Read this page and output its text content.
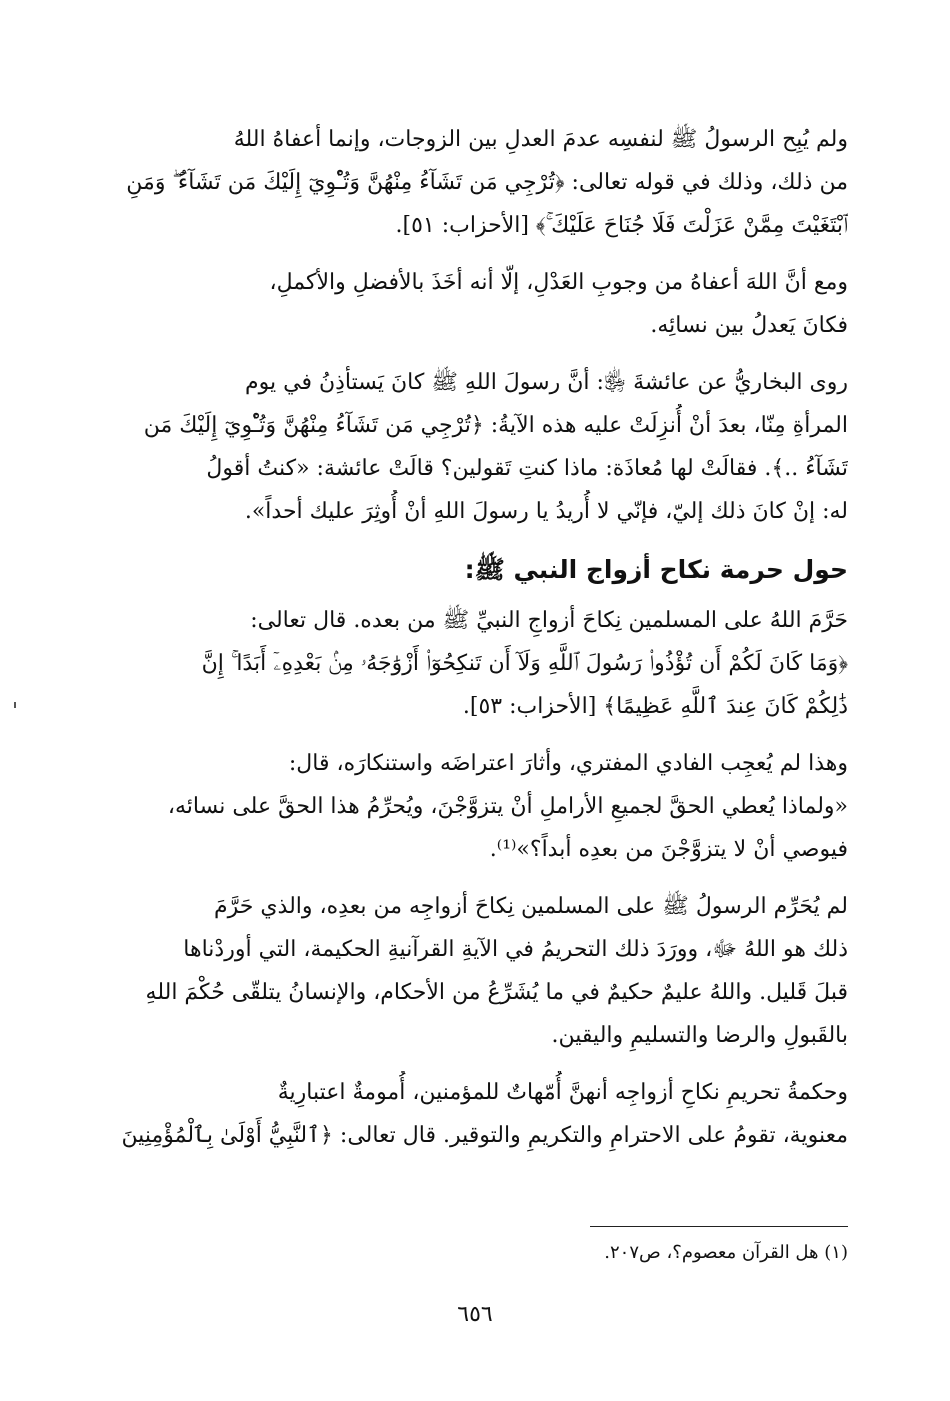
ولم يُبِح الرسولُ ﷺ لنفسِه عدمَ العدلِ بين الزوجات، وإنما أعفاهُ اللهُ
من ذلك، وذلك في قوله تعالى: ﴿تُرْجِي مَن تَشَآءُ مِنْهُنَّ وَتُـْٔوِيٓ إِلَيْكَ مَن تَشَآءُ ۖ وَمَنِ
ٱبْتَغَيْتَ مِمَّنْ عَزَلْتَ فَلَا جُنَاحَ عَلَيْكَ ۚ﴾ [الأحزاب: ٥١].
ومع أنَّ اللهَ أعفاهُ من وجوبِ العَدْلِ، إلّا أنه أخَذَ بالأفضلِ والأكملِ،
فكانَ يَعدلُ بين نسائِه.
روى البخاريُّ عن عائشةَ ﵂: أنَّ رسولَ اللهِ ﷺ كانَ يَستأذِنُ في يوم
المرأةِ مِنّا، بعدَ أنْ أُنزِلَتْ عليه هذه الآيةُ: ﴿تُرْجِي مَن تَشَآءُ مِنْهُنَّ وَتُـْٔوِيٓ إِلَيْكَ مَن
تَشَآءُ ..﴾. فقالَتْ لها مُعاذَة: ماذا كنتِ تَقولين؟ قالَتْ عائشة: «كنتُ أقولُ
له: إنْ كانَ ذلك إليّ، فإنّي لا أُريدُ يا رسولَ اللهِ أنْ أُوثِرَ عليك أحداً».
حول حرمة نكاح أزواج النبي ﷺ:
حَرَّمَ اللهُ على المسلمين نِكاحَ أزواجِ النبيِّ ﷺ من بعده. قال تعالى:
﴿وَمَا كَانَ لَكُمْ أَن تُؤْذُوا۟ رَسُولَ ٱللَّهِ وَلَآ أَن تَنكِحُوٓا۟ أَزْوَٰجَهُۥ مِنۢ بَعْدِهِۦٓ أَبَدًا ۚ إِنَّ
ذَٰلِكُمْ كَانَ عِندَ ٱللَّهِ عَظِيمًا﴾ [الأحزاب: ٥٣].
وهذا لم يُعجِب الفادي المفتري، وأثارَ اعتراضَه واستنكارَه، قال:
«ولماذا يُعطي الحقَّ لجميعِ الأراملِ أنْ يتزوَّجْنَ، ويُحرِّمُ هذا الحقَّ على نسائه،
فيوصي أنْ لا يتزوَّجْنَ من بعدِه أبداً؟»⁽¹⁾.
لم يُحَرِّم الرسولُ ﷺ على المسلمين نِكاحَ أزواجِه من بعدِه، والذي حَرَّمَ
ذلك هو اللهُ ﷻ، وورَدَ ذلك التحريمُ في الآيةِ القرآنيةِ الحكيمة، التي أوردْناها
قبلَ قَليل. واللهُ عليمٌ حكيمٌ في ما يُشَرِّعُ من الأحكام، والإنسانُ يتلقّى حُكْمَ اللهِ
بالقَبولِ والرضا والتسليمِ واليقين.
وحكمةُ تحريمِ نكاحِ أزواجِه أنهنَّ أُمّهاتٌ للمؤمنين، أُمومةٌ اعتبارِيةٌ
معنوية، تقومُ على الاحترامِ والتكريمِ والتوقير. قال تعالى: ﴿ٱلنَّبِيُّ أَوْلَىٰ بِٱلْمُؤْمِنِينَ
(١) هل القرآن معصوم؟، ص٢٠٧.
٦٥٦
